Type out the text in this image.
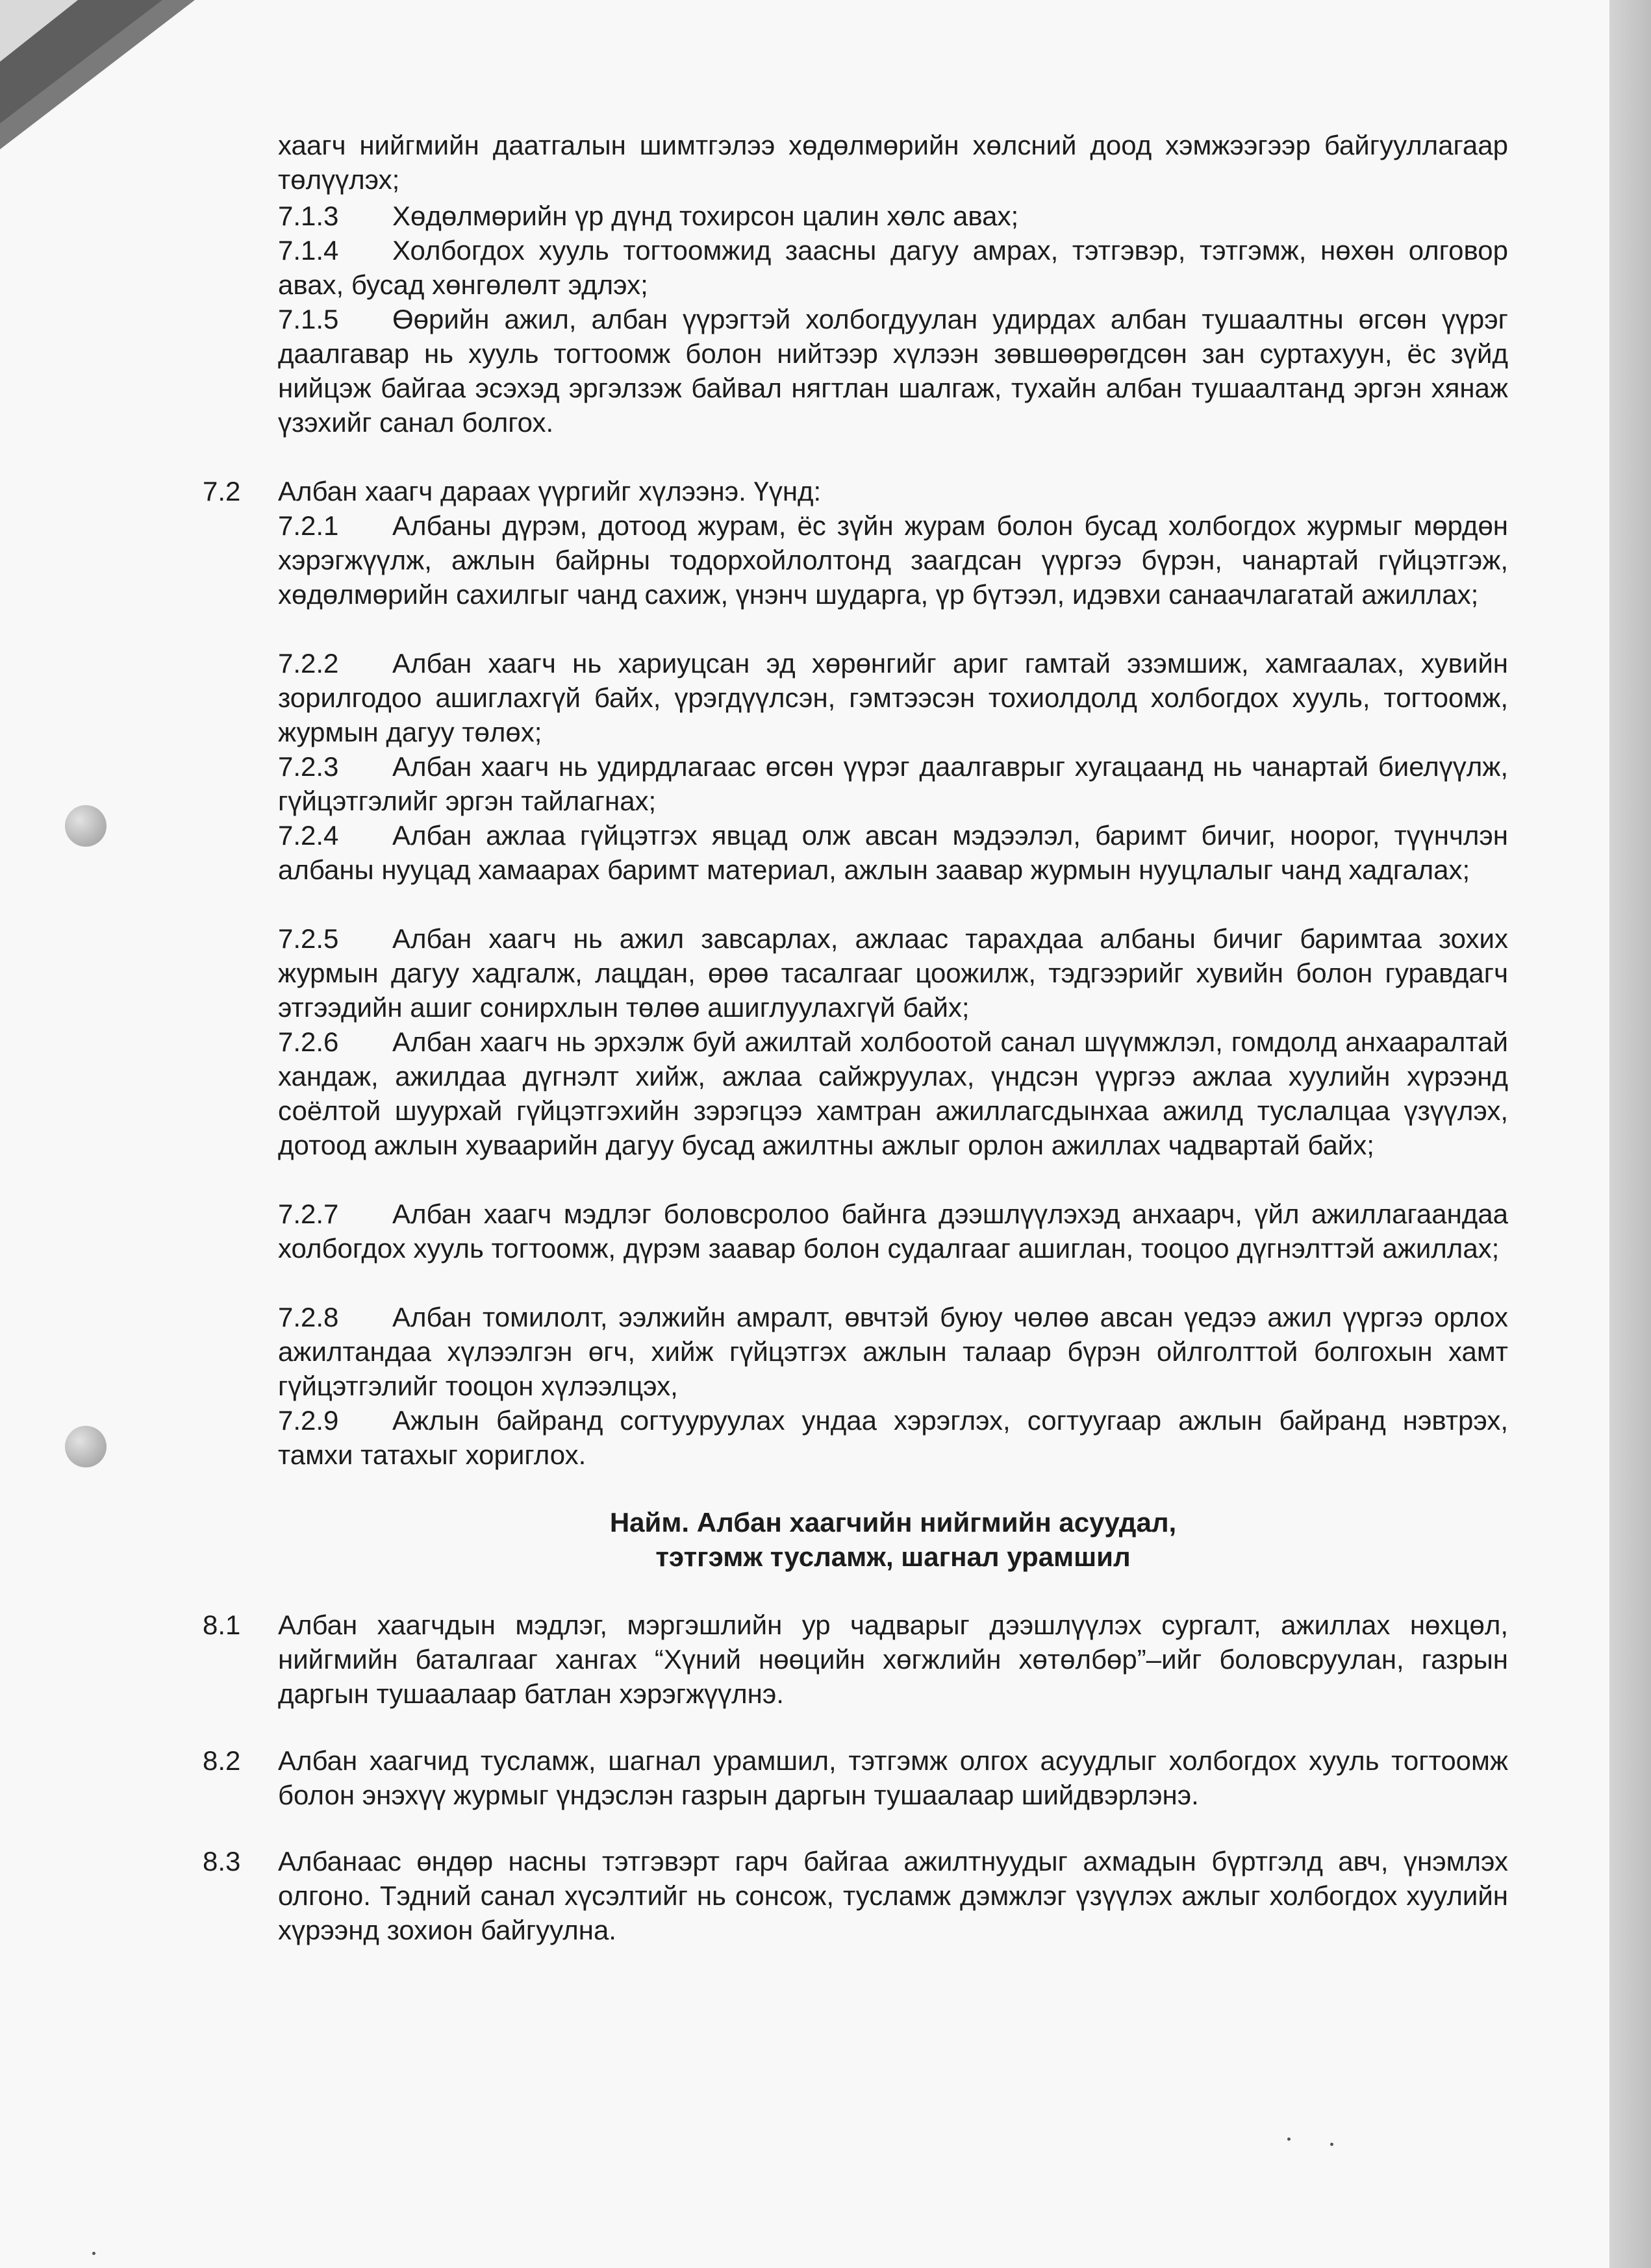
хаагч нийгмийн даатгалын шимтгэлээ хөдөлмөрийн хөлсний доод хэмжээгээр байгууллагаар төлүүлэх;

7.1.3 Хөдөлмөрийн үр дүнд тохирсон цалин хөлс авах;

7.1.4 Холбогдох хууль тогтоомжид заасны дагуу амрах, тэтгэвэр, тэтгэмж, нөхөн олговор авах, бусад хөнгөлөлт эдлэх;

7.1.5 Өөрийн ажил, албан үүрэгтэй холбогдуулан удирдах албан тушаалтны өгсөн үүрэг даалгавар нь хууль тогтоомж болон нийтээр хүлээн зөвшөөрөгдсөн зан суртахуун, ёс зүйд нийцэж байгаа эсэхэд эргэлзэж байвал нягтлан шалгаж, тухайн албан тушаалтанд эргэн хянаж үзэхийг санал болгох.

7.2	Албан хаагч дараах үүргийг хүлээнэ. Үүнд:

7.2.1 Албаны дүрэм, дотоод журам, ёс зүйн журам болон бусад холбогдох журмыг мөрдөн хэрэгжүүлж, ажлын байрны тодорхойлолтонд заагдсан үүргээ бүрэн, чанартай гүйцэтгэж, хөдөлмөрийн сахилгыг чанд сахиж, үнэнч шударга, үр бүтээл, идэвхи санаачлагатай ажиллах;

7.2.2 Албан хаагч нь хариуцсан эд хөрөнгийг ариг гамтай эзэмшиж, хамгаалах, хувийн зорилгодоо ашиглахгүй байх, үрэгдүүлсэн, гэмтээсэн тохиолдолд холбогдох хууль, тогтоомж, журмын дагуу төлөх;

7.2.3 Албан хаагч нь удирдлагаас өгсөн үүрэг даалгаврыг хугацаанд нь чанартай биелүүлж, гүйцэтгэлийг эргэн тайлагнах;

7.2.4 Албан ажлаа гүйцэтгэх явцад олж авсан мэдээлэл, баримт бичиг, ноорог, түүнчлэн албаны нууцад хамаарах баримт материал, ажлын заавар журмын нууцлалыг чанд хадгалах;

7.2.5 Албан хаагч нь ажил завсарлах, ажлаас тарахдаа албаны бичиг баримтаа зохих журмын дагуу хадгалж, лацдан, өрөө тасалгааг цоожилж, тэдгээрийг хувийн болон гуравдагч этгээдийн ашиг сонирхлын төлөө ашиглуулахгүй байх;

7.2.6 Албан хаагч нь эрхэлж буй ажилтай холбоотой санал шүүмжлэл, гомдолд анхааралтай хандаж, ажилдаа дүгнэлт хийж, ажлаа сайжруулах, үндсэн үүргээ ажлаа хуулийн хүрээнд соёлтой шуурхай гүйцэтгэхийн зэрэгцээ хамтран ажиллагсдынхаа ажилд туслалцаа үзүүлэх, дотоод ажлын хуваарийн дагуу бусад ажилтны ажлыг орлон ажиллах чадвартай байх;

7.2.7 Албан хаагч мэдлэг боловсролоо байнга дээшлүүлэхэд анхаарч, үйл ажиллагаандаа холбогдох хууль тогтоомж, дүрэм заавар болон судалгааг ашиглан, тооцоо дүгнэлттэй ажиллах;

7.2.8 Албан томилолт, ээлжийн амралт, өвчтэй буюу чөлөө авсан үедээ ажил үүргээ орлох ажилтандаа хүлээлгэн өгч, хийж гүйцэтгэх ажлын талаар бүрэн ойлголттой болгохын хамт гүйцэтгэлийг тооцон хүлээлцэх,

7.2.9 Ажлын байранд согтууруулах ундаа хэрэглэх, согтуугаар ажлын байранд нэвтрэх, тамхи татахыг хориглох.

Найм. Албан хаагчийн нийгмийн асуудал,
тэтгэмж тусламж, шагнал урамшил

8.1	Албан хаагчдын мэдлэг, мэргэшлийн ур чадварыг дээшлүүлэх сургалт, ажиллах нөхцөл, нийгмийн баталгааг хангах “Хүний нөөцийн хөгжлийн хөтөлбөр”–ийг боловсруулан, газрын даргын тушаалаар батлан хэрэгжүүлнэ.

8.2	Албан хаагчид тусламж, шагнал урамшил, тэтгэмж олгох асуудлыг холбогдох хууль тогтоомж болон энэхүү журмыг үндэслэн газрын даргын тушаалаар шийдвэрлэнэ.

8.3	Албанаас өндөр насны тэтгэвэрт гарч байгаа ажилтнуудыг ахмадын бүртгэлд авч, үнэмлэх олгоно. Тэдний санал хүсэлтийг нь сонсож, тусламж дэмжлэг үзүүлэх ажлыг холбогдох хуулийн хүрээнд зохион байгуулна.
